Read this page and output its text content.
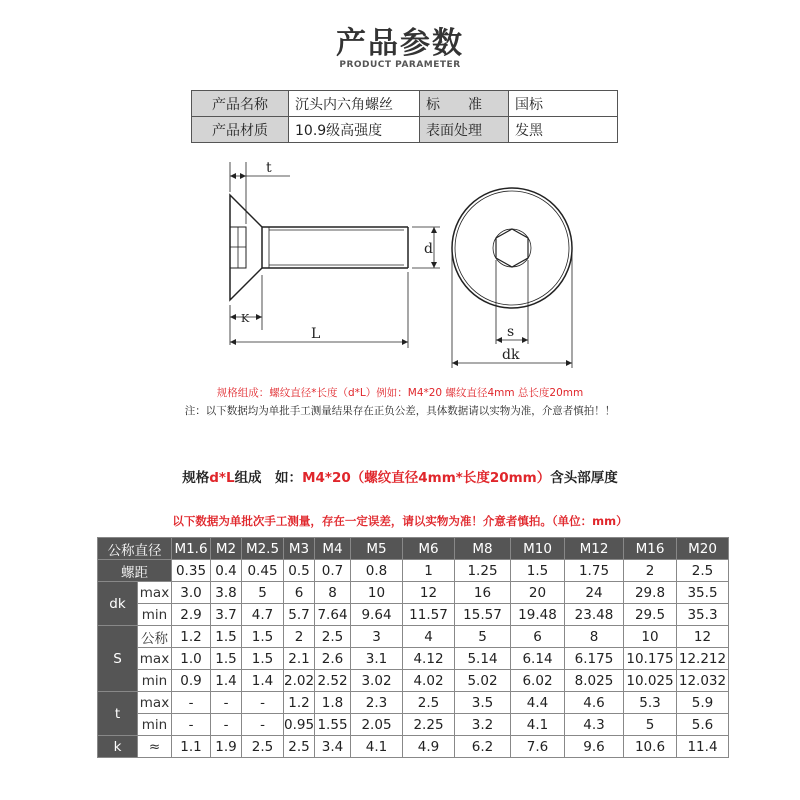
产品参数
PRODUCT PARAMETER
产品名称	沉头内六角螺丝	标　　准	国标
产品材质	10.9级高强度	表面处理	发黑
t
K
L
d
s
dk
规格组成：螺纹直径*长度（d*L）例如：M4*20 螺纹直径4mm 总长度20mm
注：以下数据均为单批手工测量结果存在正负公差，具体数据请以实物为准，介意者慎拍！！
规格d*L组成　如：M4*20（螺纹直径4mm*长度20mm）含头部厚度
以下数据为单批次手工测量，存在一定误差，请以实物为准！介意者慎拍。（单位：mm）
公称直径		M1.6	M2	M2.5	M3	M4	M5	M6	M8	M10	M12	M16	M20
螺距		0.35	0.4	0.45	0.5	0.7	0.8	1	1.25	1.5	1.75	2	2.5
dk	max	3.0	3.8	5	6	8	10	12	16	20	24	29.8	35.5
	min	2.9	3.7	4.7	5.7	7.64	9.64	11.57	15.57	19.48	23.48	29.5	35.3
S	公称	1.2	1.5	1.5	2	2.5	3	4	5	6	8	10	12
	max	1.0	1.5	1.5	2.1	2.6	3.1	4.12	5.14	6.14	6.175	10.175	12.212
	min	0.9	1.4	1.4	2.02	2.52	3.02	4.02	5.02	6.02	8.025	10.025	12.032
t	max	-	-	-	1.2	1.8	2.3	2.5	3.5	4.4	4.6	5.3	5.9
	min	-	-	-	0.95	1.55	2.05	2.25	3.2	4.1	4.3	5	5.6
k	≈	1.1	1.9	2.5	2.5	3.4	4.1	4.9	6.2	7.6	9.6	10.6	11.4
